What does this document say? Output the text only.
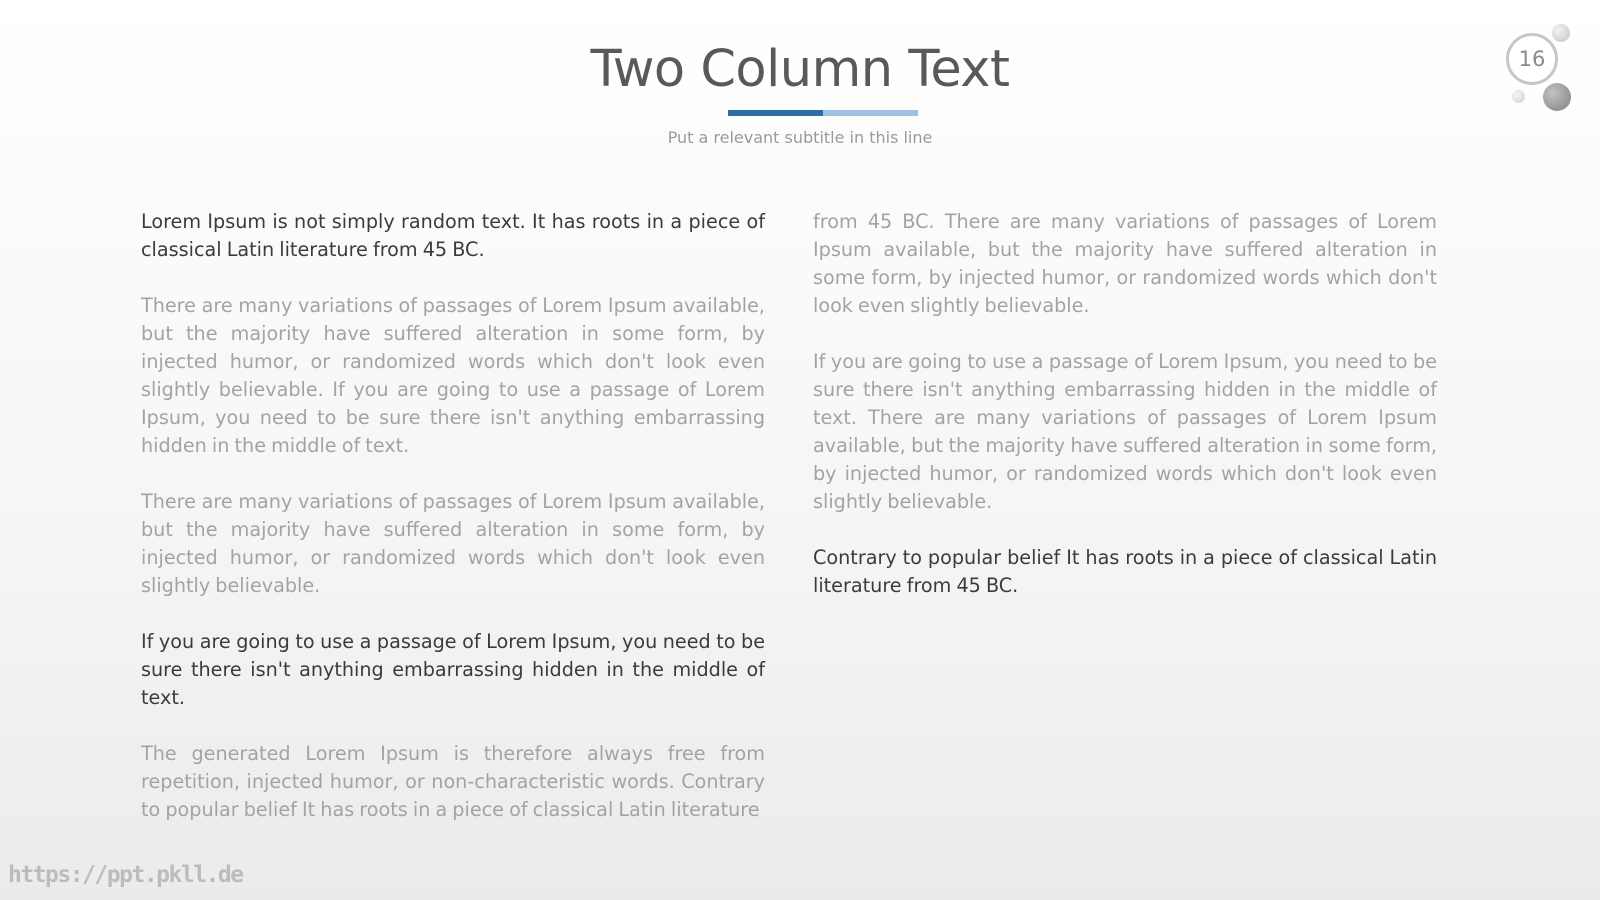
Two Column Text
Put a relevant subtitle in this line
16

Lorem Ipsum is not simply random text. It has roots in a piece of classical Latin literature from 45 BC.

There are many variations of passages of Lorem Ipsum available, but the majority have suffered alteration in some form, by injected humor, or randomized words which don't look even slightly believable. If you are going to use a passage of Lorem Ipsum, you need to be sure there isn't anything embarrassing hidden in the middle of text.

There are many variations of passages of Lorem Ipsum available, but the majority have suffered alteration in some form, by injected humor, or randomized words which don't look even slightly believable.

If you are going to use a passage of Lorem Ipsum, you need to be sure there isn't anything embarrassing hidden in the middle of text.

The generated Lorem Ipsum is therefore always free from repetition, injected humor, or non-characteristic words. Contrary to popular belief It has roots in a piece of classical Latin literature

from 45 BC. There are many variations of passages of Lorem Ipsum available, but the majority have suffered alteration in some form, by injected humor, or randomized words which don't look even slightly believable.

If you are going to use a passage of Lorem Ipsum, you need to be sure there isn't anything embarrassing hidden in the middle of text. There are many variations of passages of Lorem Ipsum available, but the majority have suffered alteration in some form, by injected humor, or randomized words which don't look even slightly believable.

Contrary to popular belief It has roots in a piece of classical Latin literature from 45 BC.

https://ppt.pkll.de
